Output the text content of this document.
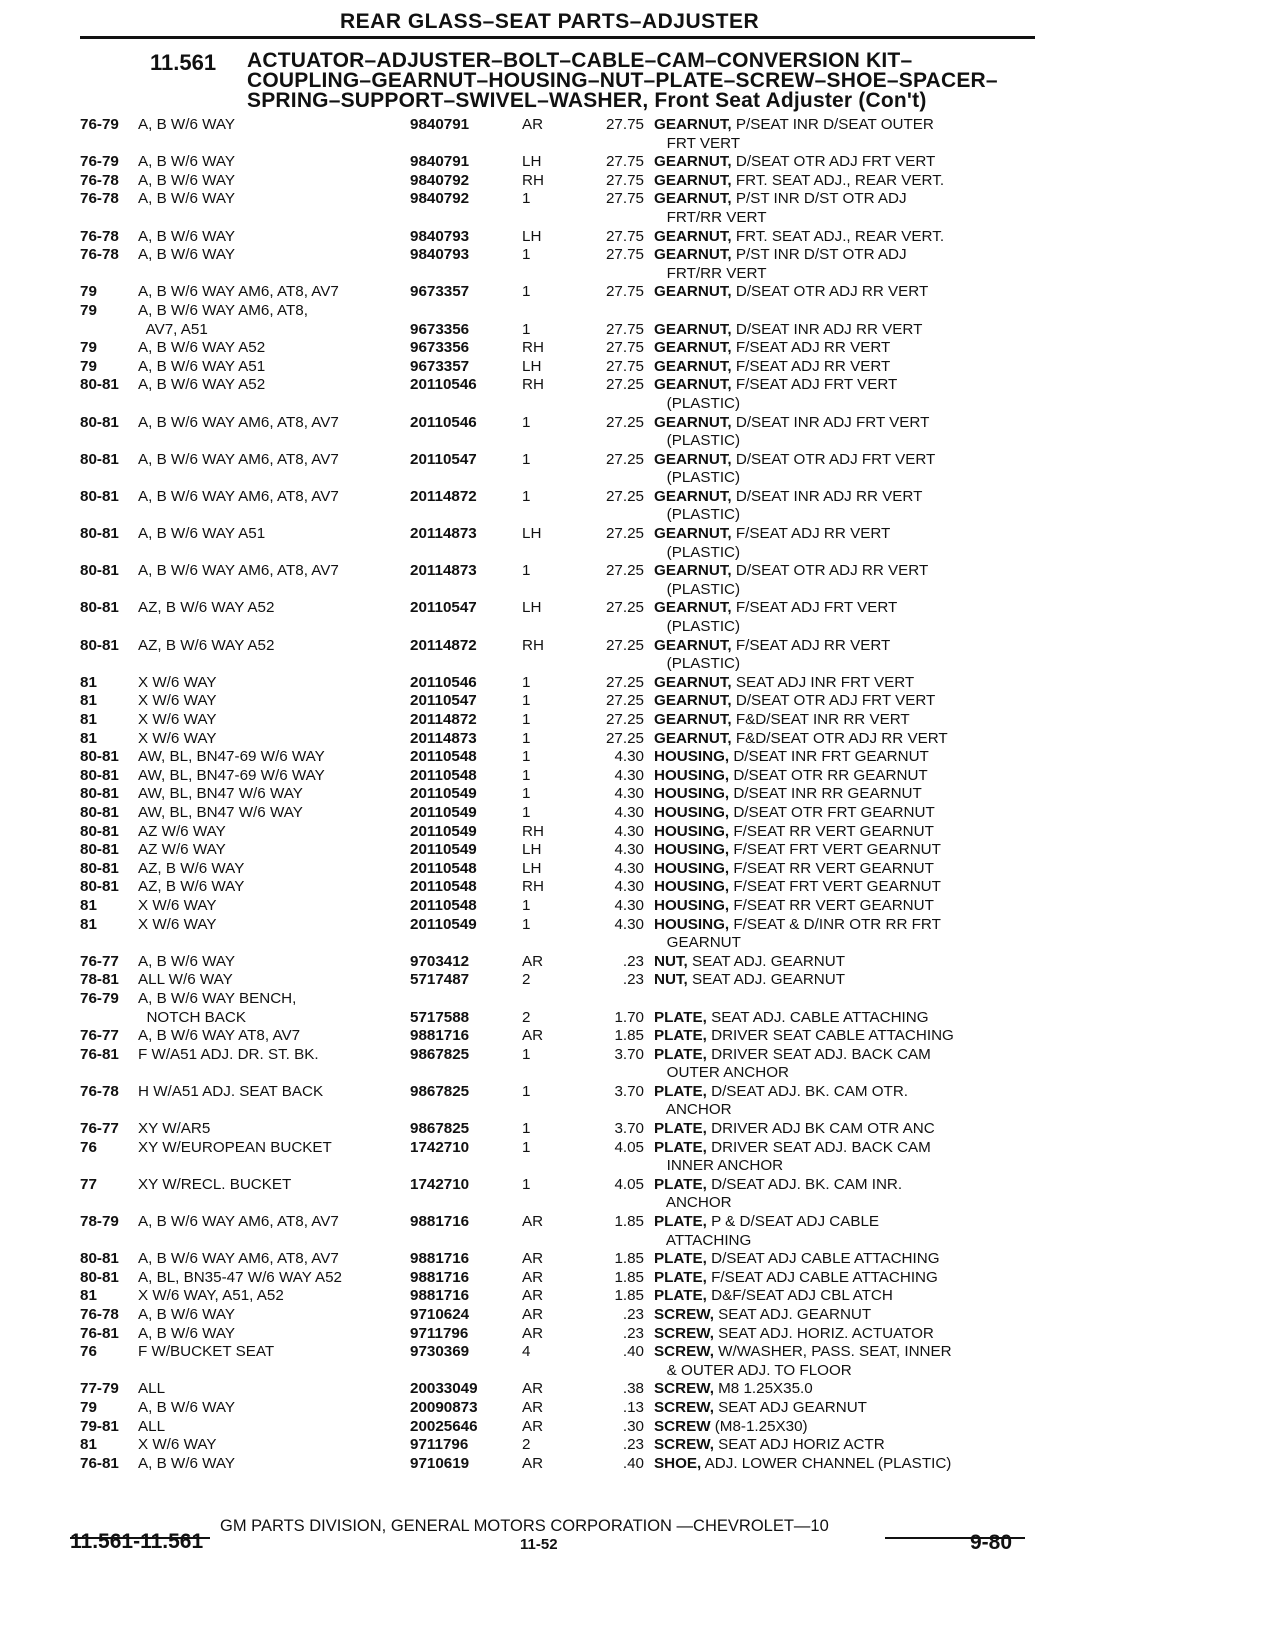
REAR GLASS–SEAT PARTS–ADJUSTER
11.561 ACTUATOR–ADJUSTER–BOLT–CABLE–CAM–CONVERSION KIT–
COUPLING–GEARNUT–HOUSING–NUT–PLATE–SCREW–SHOE–SPACER–
SPRING–SUPPORT–SWIVEL–WASHER, Front Seat Adjuster (Con't)
76-79	A, B W/6 WAY	9840791	AR	27.75 GEARNUT, P/SEAT INR D/SEAT OUTER
FRT VERT
76-79	A, B W/6 WAY	9840791	LH	27.75 GEARNUT, D/SEAT OTR ADJ FRT VERT
76-78	A, B W/6 WAY	9840792	RH	27.75 GEARNUT, FRT. SEAT ADJ., REAR VERT.
76-78	A, B W/6 WAY	9840792	1	27.75 GEARNUT, P/ST INR D/ST OTR ADJ
FRT/RR VERT
76-78	A, B W/6 WAY	9840793	LH	27.75 GEARNUT, FRT. SEAT ADJ., REAR VERT.
76-78	A, B W/6 WAY	9840793	1	27.75 GEARNUT, P/ST INR D/ST OTR ADJ
FRT/RR VERT
79	A, B W/6 WAY AM6, AT8, AV7	9673357	1	27.75 GEARNUT, D/SEAT OTR ADJ RR VERT
79	A, B W/6 WAY AM6, AT8,
AV7, A51	9673356	1	27.75 GEARNUT, D/SEAT INR ADJ RR VERT
79	A, B W/6 WAY A52	9673356	RH	27.75 GEARNUT, F/SEAT ADJ RR VERT
79	A, B W/6 WAY A51	9673357	LH	27.75 GEARNUT, F/SEAT ADJ RR VERT
80-81	A, B W/6 WAY A52	20110546	RH	27.25 GEARNUT, F/SEAT ADJ FRT VERT
(PLASTIC)
80-81	A, B W/6 WAY AM6, AT8, AV7	20110546	1	27.25 GEARNUT, D/SEAT INR ADJ FRT VERT
(PLASTIC)
80-81	A, B W/6 WAY AM6, AT8, AV7	20110547	1	27.25 GEARNUT, D/SEAT OTR ADJ FRT VERT
(PLASTIC)
80-81	A, B W/6 WAY AM6, AT8, AV7	20114872	1	27.25 GEARNUT, D/SEAT INR ADJ RR VERT
(PLASTIC)
80-81	A, B W/6 WAY A51	20114873	LH	27.25 GEARNUT, F/SEAT ADJ RR VERT
(PLASTIC)
80-81	A, B W/6 WAY AM6, AT8, AV7	20114873	1	27.25 GEARNUT, D/SEAT OTR ADJ RR VERT
(PLASTIC)
80-81	AZ, B W/6 WAY A52	20110547	LH	27.25 GEARNUT, F/SEAT ADJ FRT VERT
(PLASTIC)
80-81	AZ, B W/6 WAY A52	20114872	RH	27.25 GEARNUT, F/SEAT ADJ RR VERT
(PLASTIC)
81	X W/6 WAY	20110546	1	27.25 GEARNUT, SEAT ADJ INR FRT VERT
81	X W/6 WAY	20110547	1	27.25 GEARNUT, D/SEAT OTR ADJ FRT VERT
81	X W/6 WAY	20114872	1	27.25 GEARNUT, F&D/SEAT INR RR VERT
81	X W/6 WAY	20114873	1	27.25 GEARNUT, F&D/SEAT OTR ADJ RR VERT
80-81	AW, BL, BN47-69 W/6 WAY	20110548	1	4.30 HOUSING, D/SEAT INR FRT GEARNUT
80-81	AW, BL, BN47-69 W/6 WAY	20110548	1	4.30 HOUSING, D/SEAT OTR RR GEARNUT
80-81	AW, BL, BN47 W/6 WAY	20110549	1	4.30 HOUSING, D/SEAT INR RR GEARNUT
80-81	AW, BL, BN47 W/6 WAY	20110549	1	4.30 HOUSING, D/SEAT OTR FRT GEARNUT
80-81	AZ W/6 WAY	20110549	RH	4.30 HOUSING, F/SEAT RR VERT GEARNUT
80-81	AZ W/6 WAY	20110549	LH	4.30 HOUSING, F/SEAT FRT VERT GEARNUT
80-81	AZ, B W/6 WAY	20110548	LH	4.30 HOUSING, F/SEAT RR VERT GEARNUT
80-81	AZ, B W/6 WAY	20110548	RH	4.30 HOUSING, F/SEAT FRT VERT GEARNUT
81	X W/6 WAY	20110548	1	4.30 HOUSING, F/SEAT RR VERT GEARNUT
81	X W/6 WAY	20110549	1	4.30 HOUSING, F/SEAT & D/INR OTR RR FRT
GEARNUT
76-77	A, B W/6 WAY	9703412	AR	.23 NUT, SEAT ADJ. GEARNUT
78-81	ALL W/6 WAY	5717487	2	.23 NUT, SEAT ADJ. GEARNUT
76-79	A, B W/6 WAY BENCH,
NOTCH BACK	5717588	2	1.70 PLATE, SEAT ADJ. CABLE ATTACHING
76-77	A, B W/6 WAY AT8, AV7	9881716	AR	1.85 PLATE, DRIVER SEAT CABLE ATTACHING
76-81	F W/A51 ADJ. DR. ST. BK.	9867825	1	3.70 PLATE, DRIVER SEAT ADJ. BACK CAM
OUTER ANCHOR
76-78	H W/A51 ADJ. SEAT BACK	9867825	1	3.70 PLATE, D/SEAT ADJ. BK. CAM OTR.
ANCHOR
76-77	XY W/AR5	9867825	1	3.70 PLATE, DRIVER ADJ BK CAM OTR ANC
76	XY W/EUROPEAN BUCKET	1742710	1	4.05 PLATE, DRIVER SEAT ADJ. BACK CAM
INNER ANCHOR
77	XY W/RECL. BUCKET	1742710	1	4.05 PLATE, D/SEAT ADJ. BK. CAM INR.
ANCHOR
78-79	A, B W/6 WAY AM6, AT8, AV7	9881716	AR	1.85 PLATE, P & D/SEAT ADJ CABLE
ATTACHING
80-81	A, B W/6 WAY AM6, AT8, AV7	9881716	AR	1.85 PLATE, D/SEAT ADJ CABLE ATTACHING
80-81	A, BL, BN35-47 W/6 WAY A52	9881716	AR	1.85 PLATE, F/SEAT ADJ CABLE ATTACHING
81	X W/6 WAY, A51, A52	9881716	AR	1.85 PLATE, D&F/SEAT ADJ CBL ATCH
76-78	A, B W/6 WAY	9710624	AR	.23 SCREW, SEAT ADJ. GEARNUT
76-81	A, B W/6 WAY	9711796	AR	.23 SCREW, SEAT ADJ. HORIZ. ACTUATOR
76	F W/BUCKET SEAT	9730369	4	.40 SCREW, W/WASHER, PASS. SEAT, INNER
& OUTER ADJ. TO FLOOR
77-79	ALL	20033049	AR	.38 SCREW, M8 1.25X35.0
79	A, B W/6 WAY	20090873	AR	.13 SCREW, SEAT ADJ GEARNUT
79-81	ALL	20025646	AR	.30 SCREW (M8-1.25X30)
81	X W/6 WAY	9711796	2	.23 SCREW, SEAT ADJ HORIZ ACTR
76-81	A, B W/6 WAY	9710619	AR	.40 SHOE, ADJ. LOWER CHANNEL (PLASTIC)
GM PARTS DIVISION, GENERAL MOTORS CORPORATION —CHEVROLET—10
11.561-11.561	11-52	9-80
